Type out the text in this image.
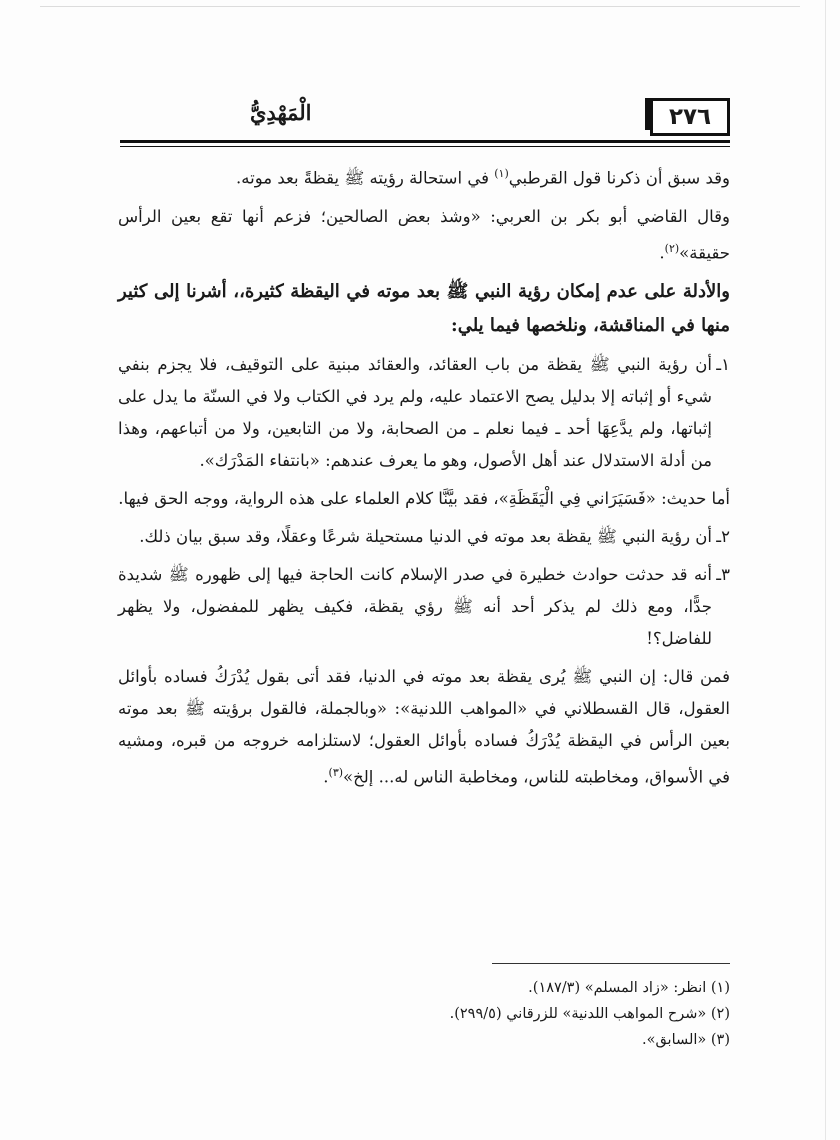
٢٧٦
الْمَهْدِيُّ

وقد سبق أن ذكرنا قول القرطبي$^{(١)}$ في استحالة رؤيته ﷺ يقظةً بعد موته.

وقال القاضي أبو بكر بن العربي: «وشذ بعض الصالحين؛ فزعم أنها تقع بعين الرأس حقيقة»$^{(٢)}$.

والأدلة على عدم إمكان رؤية النبي ﷺ بعد موته في اليقظة كثيرة،، أشرنا إلى كثير منها في المناقشة، ونلخصها فيما يلي:

١ـ
أن رؤية النبي ﷺ يقظة من باب العقائد، والعقائد مبنية على التوقيف، فلا يجزم بنفي شيء أو إثباته إلا بدليل يصح الاعتماد عليه، ولم يرد في الكتاب ولا في السنّة ما يدل على إثباتها، ولم يدَّعِهَا أحد ـ فيما نعلم ـ من الصحابة، ولا من التابعين، ولا من أتباعهم، وهذا من أدلة الاستدلال عند أهل الأصول، وهو ما يعرف عندهم: «بانتفاء المَدْرَك».

أما حديث: «فَسَيَرَاني فِي الْيَقَظَةِ»، فقد بيَّنَّا كلام العلماء على هذه الرواية، ووجه الحق فيها.

٢ـ
أن رؤية النبي ﷺ يقظة بعد موته في الدنيا مستحيلة شرعًا وعقلًا، وقد سبق بيان ذلك.
٣ـ
أنه قد حدثت حوادث خطيرة في صدر الإسلام كانت الحاجة فيها إلى ظهوره ﷺ شديدة جدًّا، ومع ذلك لم يذكر أحد أنه ﷺ رؤي يقظة، فكيف يظهر للمفضول، ولا يظهر للفاضل؟!

فمن قال: إن النبي ﷺ يُرى يقظة بعد موته في الدنيا، فقد أتى بقول يُدْرَكُ فساده بأوائل العقول، قال القسطلاني في «المواهب اللدنية»: «وبالجملة، فالقول برؤيته ﷺ بعد موته بعين الرأس في اليقظة يُدْرَكُ فساده بأوائل العقول؛ لاستلزامه خروجه من قبره، ومشيه في الأسواق، ومخاطبته للناس، ومخاطبة الناس له... إلخ»$^{(٣)}$.

(١) انظر: «زاد المسلم» (١٨٧/٣).

(٢) «شرح المواهب اللدنية» للزرقاني (٢٩٩/٥).

(٣) «السابق».
